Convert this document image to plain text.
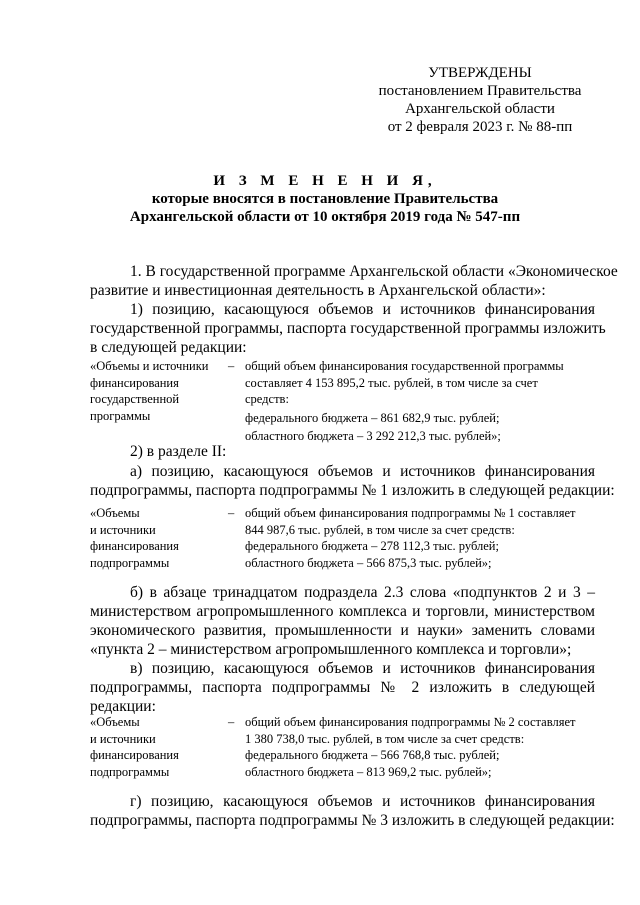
УТВЕРЖДЕНЫ
постановлением Правительства
Архангельской области
от 2 февраля 2023 г. № 88-пп
И З М Е Н Е Н И Я,
которые вносятся в постановление Правительства
Архангельской области от 10 октября 2019 года № 547-пп
1. В государственной программе Архангельской области «Экономическое
развитие и инвестиционная деятельность в Архангельской области»:
1) позицию, касающуюся объемов и источников финансирования
государственной программы, паспорта государственной программы изложить
в следующей редакции:
«Объемы и источники
финансирования
государственной
программы
– общий объем финансирования государственной программы
составляет 4 153 895,2 тыс. рублей, в том числе за счет
средств:
федерального бюджета – 861 682,9 тыс. рублей;
областного бюджета – 3 292 212,3 тыс. рублей»;
2) в разделе II:
а) позицию, касающуюся объемов и источников финансирования
подпрограммы, паспорта подпрограммы № 1 изложить в следующей редакции:
«Объемы
и источники
финансирования
подпрограммы
– общий объем финансирования подпрограммы № 1 составляет
844 987,6 тыс. рублей, в том числе за счет средств:
федерального бюджета – 278 112,3 тыс. рублей;
областного бюджета – 566 875,3 тыс. рублей»;
б) в абзаце тринадцатом подраздела 2.3 слова «подпунктов 2 и 3 –
министерством агропромышленного комплекса и торговли, министерством
экономического развития, промышленности и науки» заменить словами
«пункта 2 – министерством агропромышленного комплекса и торговли»;
в) позицию, касающуюся объемов и источников финансирования
подпрограммы, паспорта подпрограммы № 2 изложить в следующей
редакции:
«Объемы
и источники
финансирования
подпрограммы
– общий объем финансирования подпрограммы № 2 составляет
1 380 738,0 тыс. рублей, в том числе за счет средств:
федерального бюджета – 566 768,8 тыс. рублей;
областного бюджета – 813 969,2 тыс. рублей»;
г) позицию, касающуюся объемов и источников финансирования
подпрограммы, паспорта подпрограммы № 3 изложить в следующей редакции:
